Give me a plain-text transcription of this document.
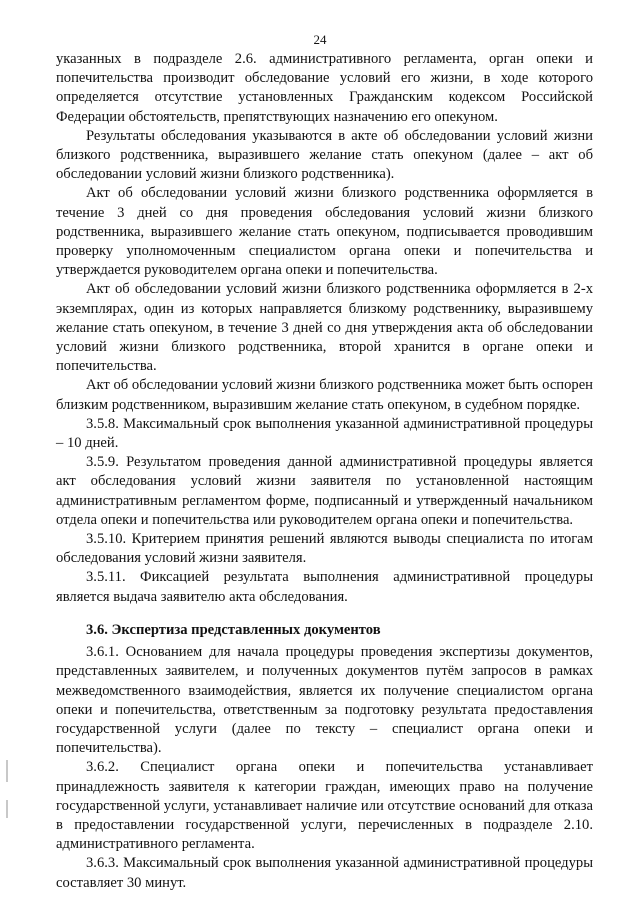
24

указанных в подразделе 2.6. административного регламента, орган опеки и попечительства производит обследование условий его жизни, в ходе которого определяется отсутствие установленных Гражданским кодексом Российской Федерации обстоятельств, препятствующих назначению его опекуном.

Результаты обследования указываются в акте об обследовании условий жизни близкого родственника, выразившего желание стать опекуном (далее – акт об обследовании условий жизни близкого родственника).

Акт об обследовании условий жизни близкого родственника оформляется в течение 3 дней со дня проведения обследования условий жизни близкого родственника, выразившего желание стать опекуном, подписывается проводившим проверку уполномоченным специалистом органа опеки и попечительства и утверждается руководителем органа опеки и попечительства.

Акт об обследовании условий жизни близкого родственника оформляется в 2-х экземплярах, один из которых направляется близкому родственнику, выразившему желание стать опекуном, в течение 3 дней со дня утверждения акта об обследовании условий жизни близкого родственника, второй хранится в органе опеки и попечительства.

Акт об обследовании условий жизни близкого родственника может быть оспорен близким родственником, выразившим желание стать опекуном, в судебном порядке.

3.5.8. Максимальный срок выполнения указанной административной процедуры – 10 дней.

3.5.9. Результатом проведения данной административной процедуры является акт обследования условий жизни заявителя по установленной настоящим административным регламентом форме, подписанный и утвержденный начальником отдела опеки и попечительства или руководителем органа опеки и попечительства.

3.5.10. Критерием принятия решений являются выводы специалиста по итогам обследования условий жизни заявителя.

3.5.11. Фиксацией результата выполнения административной процедуры является выдача заявителю акта обследования.

3.6. Экспертиза представленных документов

3.6.1. Основанием для начала процедуры проведения экспертизы документов, представленных заявителем, и полученных документов путём запросов в рамках межведомственного взаимодействия, является их получение специалистом органа опеки и попечительства, ответственным за подготовку результата предоставления государственной услуги (далее по тексту – специалист органа опеки и попечительства).

3.6.2. Специалист органа опеки и попечительства устанавливает принадлежность заявителя к категории граждан, имеющих право на получение государственной услуги, устанавливает наличие или отсутствие оснований для отказа в предоставлении государственной услуги, перечисленных в подразделе 2.10. административного регламента.

3.6.3. Максимальный срок выполнения указанной административной процедуры составляет 30 минут.
